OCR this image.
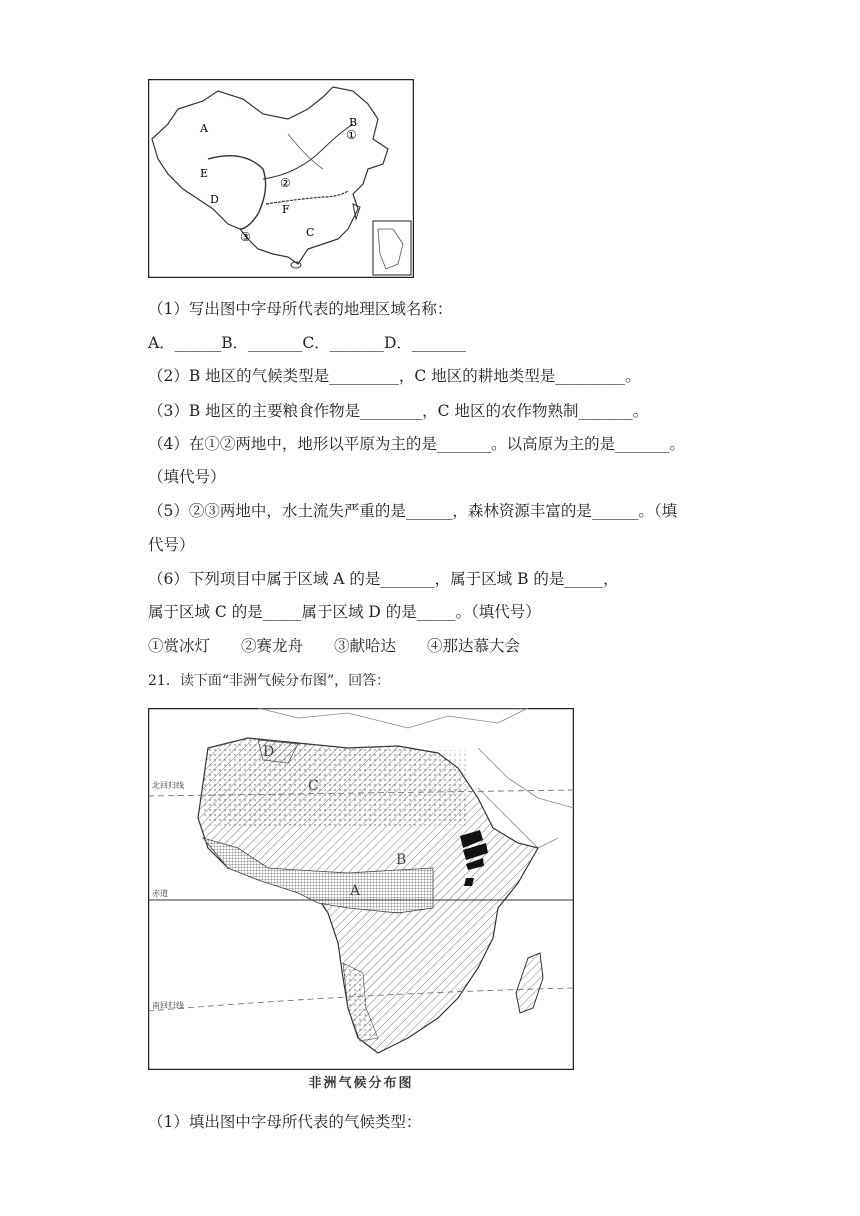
A	B
①
E
②
D
F
C
③
（1）写出图中字母所代表的地理区域名称：
A．______B．_______C．_______D．_______
（2）B 地区的气候类型是_________，C 地区的耕地类型是_________。
（3）B 地区的主要粮食作物是________，C 地区的农作物熟制_______。
（4）在①②两地中，地形以平原为主的是_______。以高原为主的是_______。
（填代号）
（5）②③两地中，水土流失严重的是______，森林资源丰富的是______。（填
代号）
（6）下列项目中属于区域 A 的是_______，属于区域 B 的是_____，
属于区域 C 的是_____属于区域 D 的是_____。（填代号）
①赏冰灯　　②赛龙舟　　③献哈达　　④那达慕大会
21．读下面“非洲气候分布图”，回答：
北回归线
赤道
南回归线
D
C
B
A
非洲气候分布图
（1）填出图中字母所代表的气候类型：
